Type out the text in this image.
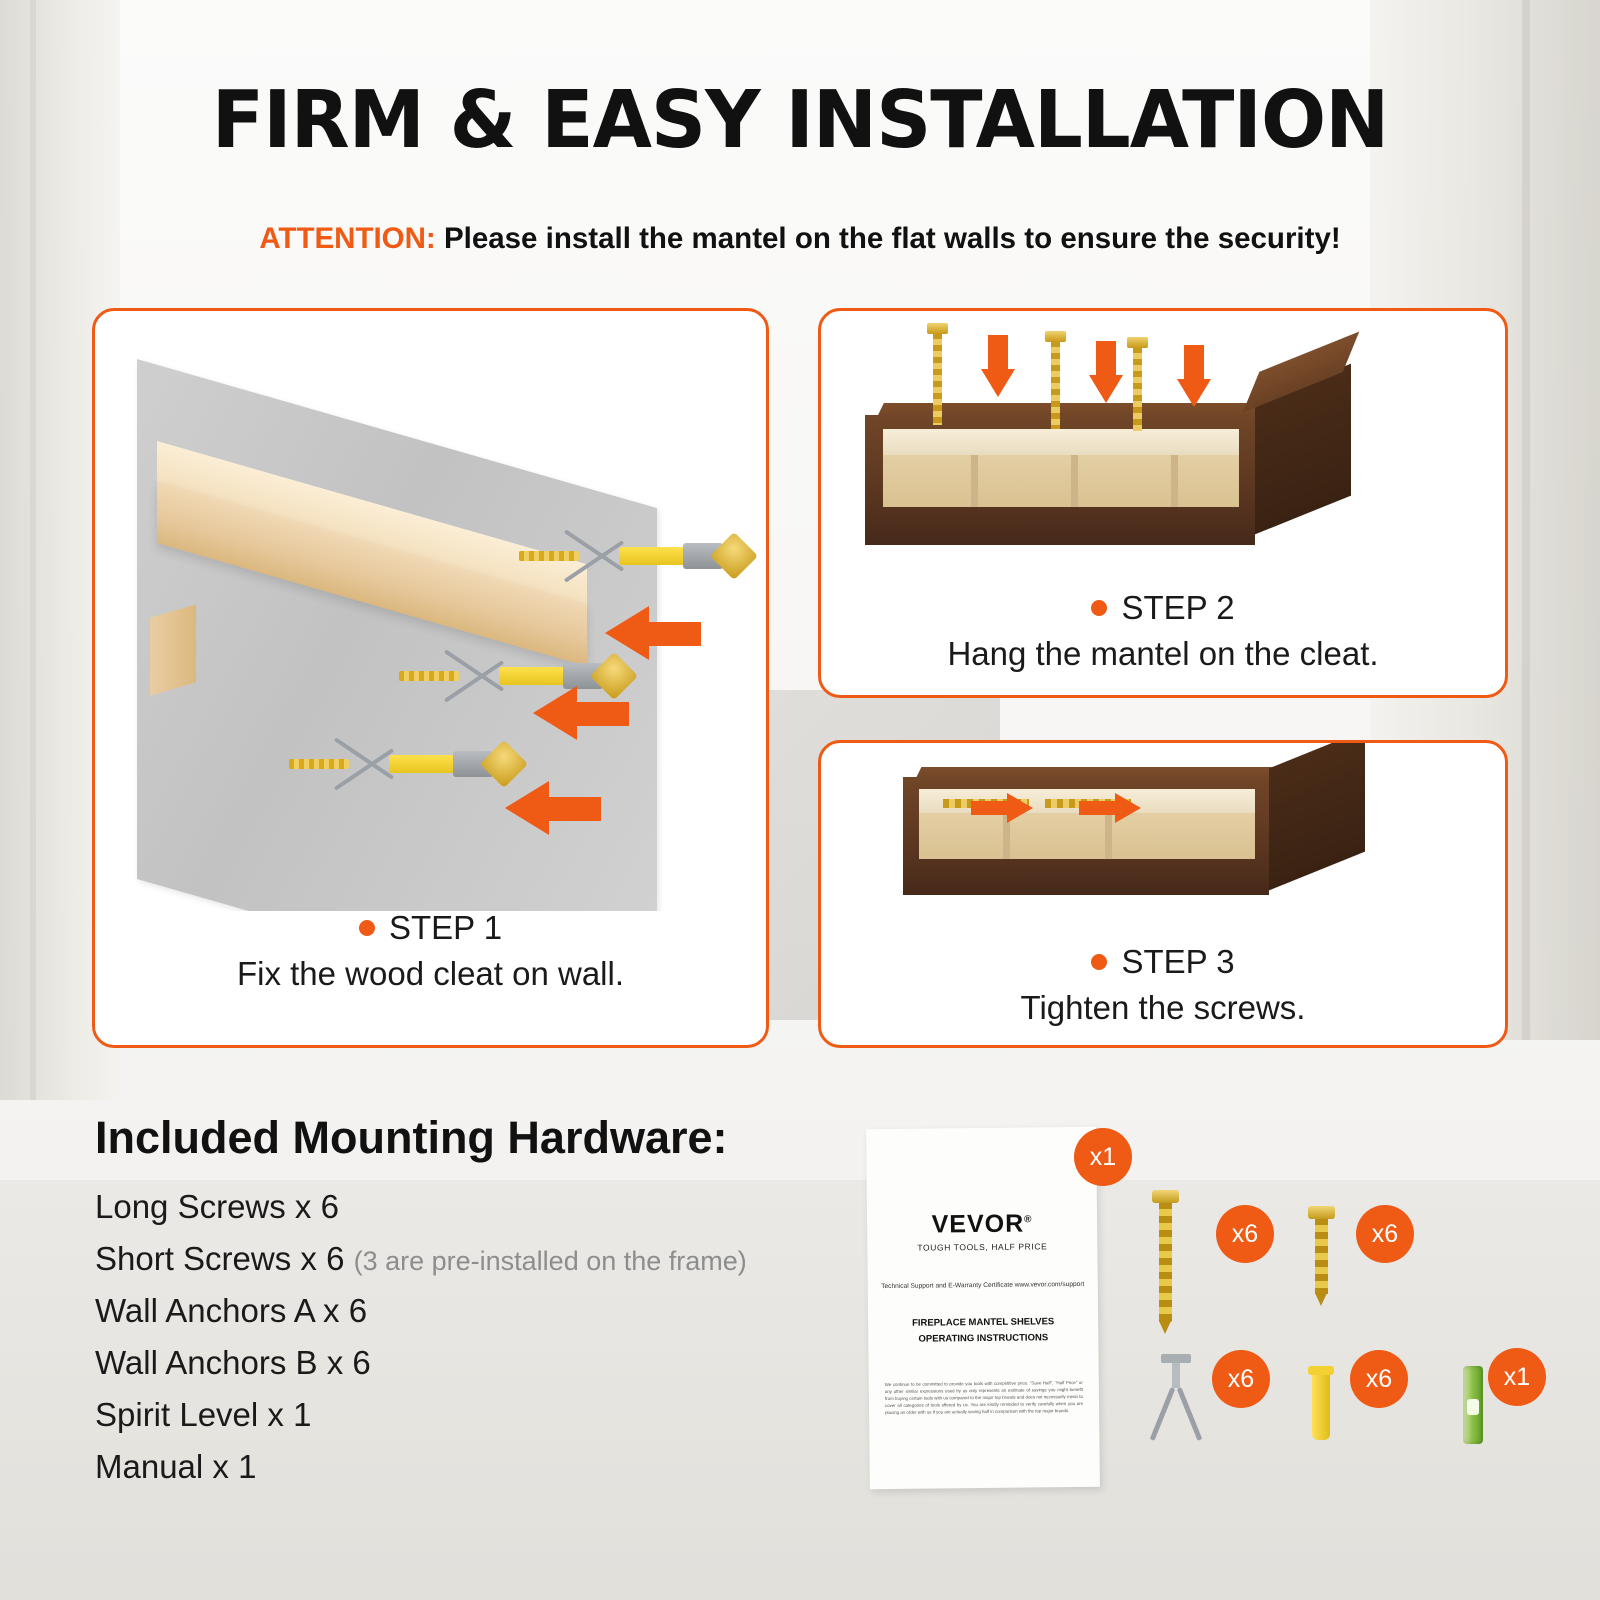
FIRM & EASY INSTALLATION
ATTENTION: Please install the mantel on the flat walls to ensure the security!
STEP 1
Fix the wood cleat on wall.
STEP 2
Hang the mantel on the cleat.
STEP 3
Tighten the screws.
Included Mounting Hardware:
Long Screws x 6
Short Screws x 6 (3 are pre-installed on the frame)
Wall Anchors A x 6
Wall Anchors B x 6
Spirit Level x 1
Manual x 1
VEVOR®
TOUGH TOOLS, HALF PRICE
Technical Support and E-Warranty Certificate www.vevor.com/support
FIREPLACE MANTEL SHELVES
OPERATING INSTRUCTIONS
We continue to be committed to provide you tools with competitive price. "Save Half", "Half Price" or any other similar expressions used by us only represents an estimate of savings you might benefit from buying certain tools with us compared to the major top brands and does not necessarily mean to cover all categories of tools offered by us. You are kindly reminded to verify carefully when you are placing an order with us if you are actually saving half in comparison with the top major brands.
x1
x6	x6
x6	x6	x1
